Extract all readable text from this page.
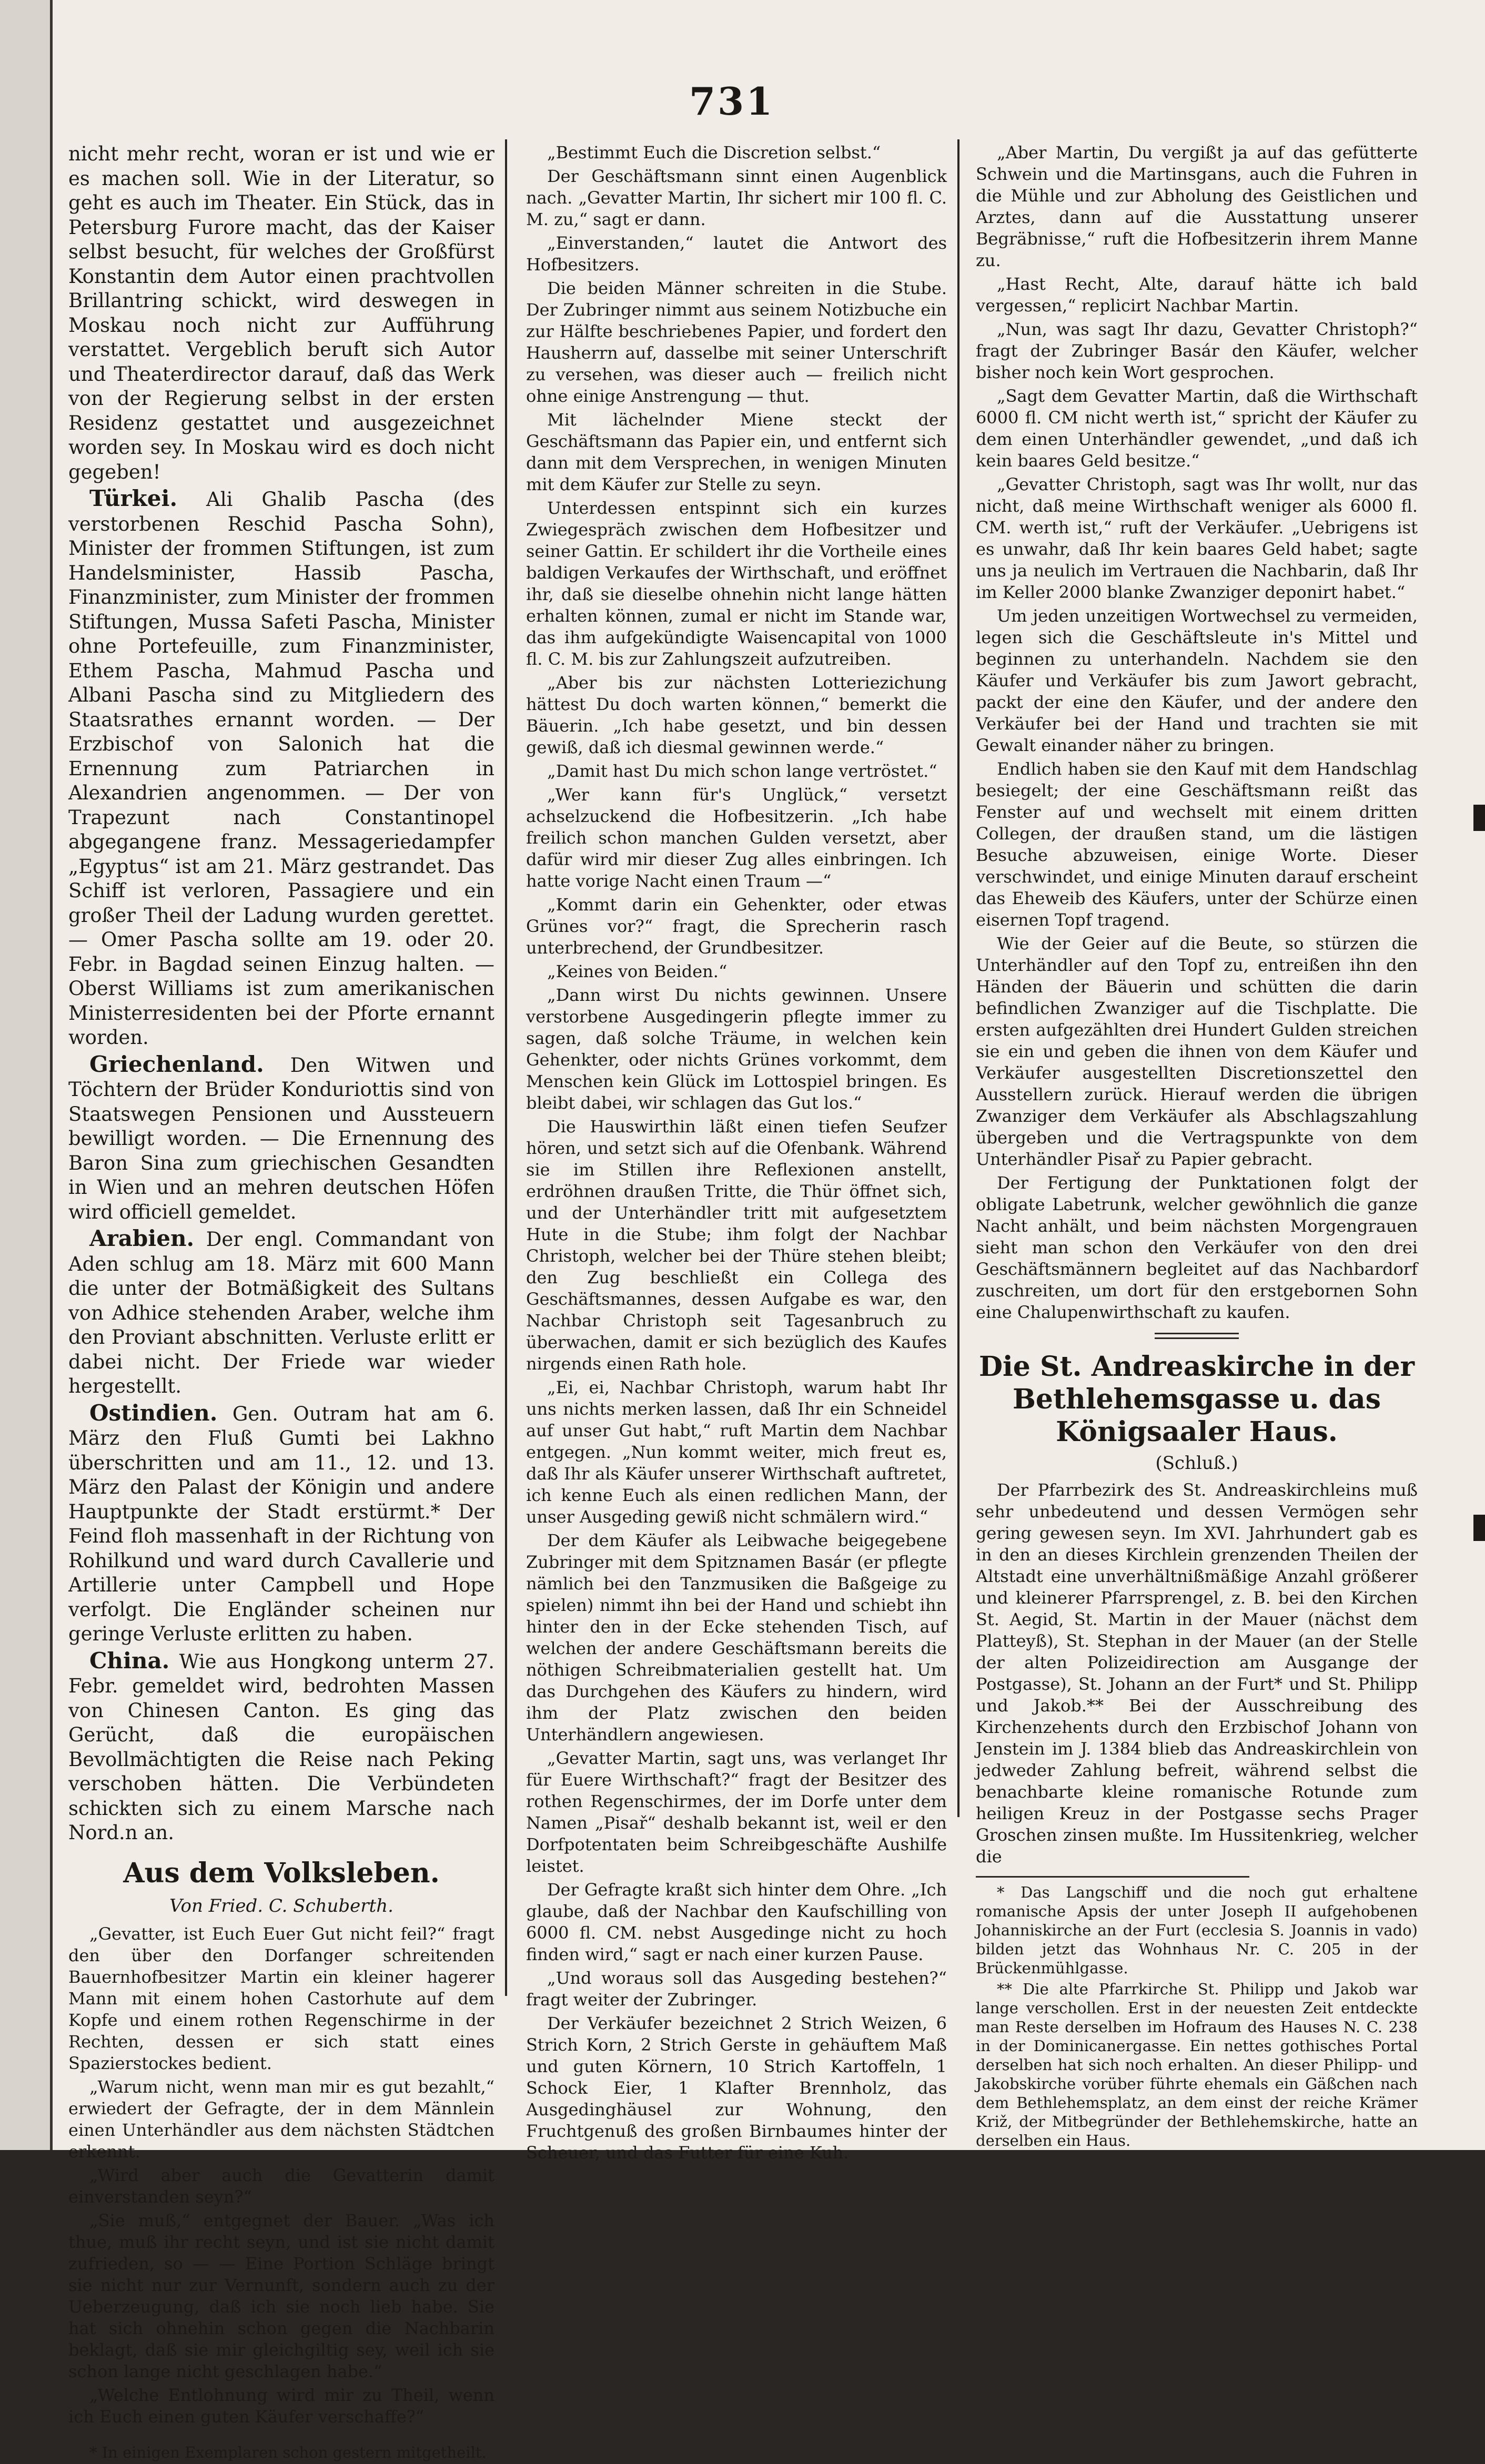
731

nicht mehr recht, woran er ist und wie er es machen soll. Wie in der Literatur, so geht es auch im Theater. Ein Stück, das in Petersburg Furore macht, das der Kaiser selbst besucht, für welches der Großfürst Konstantin dem Autor einen prachtvollen Brillantring schickt, wird deswegen in Moskau noch nicht zur Aufführung verstattet. Vergeblich beruft sich Autor und Theaterdirector darauf, daß das Werk von der Regierung selbst in der ersten Residenz gestattet und ausgezeichnet worden sey. In Moskau wird es doch nicht gegeben!

Türkei. Ali Ghalib Pascha (des verstorbenen Reschid Pascha Sohn), Minister der frommen Stiftungen, ist zum Handelsminister, Hassib Pascha, Finanzminister, zum Minister der frommen Stiftungen, Mussa Safeti Pascha, Minister ohne Portefeuille, zum Finanzminister, Ethem Pascha, Mahmud Pascha und Albani Pascha sind zu Mitgliedern des Staatsrathes ernannt worden. — Der Erzbischof von Salonich hat die Ernennung zum Patriarchen in Alexandrien angenommen. — Der von Trapezunt nach Constantinopel abgegangene franz. Messageriedampfer „Egyptus“ ist am 21. März gestrandet. Das Schiff ist verloren, Passagiere und ein großer Theil der Ladung wurden gerettet. — Omer Pascha sollte am 19. oder 20. Febr. in Bagdad seinen Einzug halten. — Oberst Williams ist zum amerikanischen Ministerresidenten bei der Pforte ernannt worden.

Griechenland. Den Witwen und Töchtern der Brüder Konduriottis sind von Staatswegen Pensionen und Aussteuern bewilligt worden. — Die Ernennung des Baron Sina zum griechischen Gesandten in Wien und an mehren deutschen Höfen wird officiell gemeldet.

Arabien. Der engl. Commandant von Aden schlug am 18. März mit 600 Mann die unter der Botmäßigkeit des Sultans von Adhice stehenden Araber, welche ihm den Proviant abschnitten. Verluste erlitt er dabei nicht. Der Friede war wieder hergestellt.

Ostindien. Gen. Outram hat am 6. März den Fluß Gumti bei Lakhno überschritten und am 11., 12. und 13. März den Palast der Königin und andere Hauptpunkte der Stadt erstürmt.* Der Feind floh massenhaft in der Richtung von Rohilkund und ward durch Cavallerie und Artillerie unter Campbell und Hope verfolgt. Die Engländer scheinen nur geringe Verluste erlitten zu haben.

China. Wie aus Hongkong unterm 27. Febr. gemeldet wird, bedrohten Massen von Chinesen Canton. Es ging das Gerücht, daß die europäischen Bevollmächtigten die Reise nach Peking verschoben hätten. Die Verbündeten schickten sich zu einem Marsche nach Nord.n an.

Aus dem Volksleben.
Von Fried. C. Schuberth.

„Gevatter, ist Euch Euer Gut nicht feil?“ fragt den über den Dorfanger schreitenden Bauernhofbesitzer Martin ein kleiner hagerer Mann mit einem hohen Castorhute auf dem Kopfe und einem rothen Regenschirme in der Rechten, dessen er sich statt eines Spazierstockes bedient.

„Warum nicht, wenn man mir es gut bezahlt,“ erwiedert der Gefragte, der in dem Männlein einen Unterhändler aus dem nächsten Städtchen erkennt.

„Wird aber auch die Gevatterin damit einverstanden seyn?“

„Sie muß,“ entgegnet der Bauer. „Was ich thue, muß ihr recht seyn, und ist sie nicht damit zufrieden, so — — Eine Portion Schläge bringt sie nicht nur zur Vernunft, sondern auch zu der Ueberzeugung, daß ich sie noch lieb habe. Sie hat sich ohnehin schon gegen die Nachbarin beklagt, daß sie mir gleichgiltig sey, weil ich sie schon lange nicht geschlagen habe.“

„Welche Entlohnung wird mir zu Theil, wenn ich Euch einen guten Käufer verschaffe?“

* In einigen Exemplaren schon gestern mitgetheilt.

„Bestimmt Euch die Discretion selbst.“

Der Geschäftsmann sinnt einen Augenblick nach. „Gevatter Martin, Ihr sichert mir 100 fl. C. M. zu,“ sagt er dann.

„Einverstanden,“ lautet die Antwort des Hofbesitzers.

Die beiden Männer schreiten in die Stube. Der Zubringer nimmt aus seinem Notizbuche ein zur Hälfte beschriebenes Papier, und fordert den Hausherrn auf, dasselbe mit seiner Unterschrift zu versehen, was dieser auch — freilich nicht ohne einige Anstrengung — thut.

Mit lächelnder Miene steckt der Geschäftsmann das Papier ein, und entfernt sich dann mit dem Versprechen, in wenigen Minuten mit dem Käufer zur Stelle zu seyn.

Unterdessen entspinnt sich ein kurzes Zwiegespräch zwischen dem Hofbesitzer und seiner Gattin. Er schildert ihr die Vortheile eines baldigen Verkaufes der Wirthschaft, und eröffnet ihr, daß sie dieselbe ohnehin nicht lange hätten erhalten können, zumal er nicht im Stande war, das ihm aufgekündigte Waisencapital von 1000 fl. C. M. bis zur Zahlungszeit aufzutreiben.

„Aber bis zur nächsten Lotteriezichung hättest Du doch warten können,“ bemerkt die Bäuerin. „Ich habe gesetzt, und bin dessen gewiß, daß ich diesmal gewinnen werde.“

„Damit hast Du mich schon lange vertröstet.“

„Wer kann für's Unglück,“ versetzt achselzuckend die Hofbesitzerin. „Ich habe freilich schon manchen Gulden versetzt, aber dafür wird mir dieser Zug alles einbringen. Ich hatte vorige Nacht einen Traum —“

„Kommt darin ein Gehenkter, oder etwas Grünes vor?“ fragt, die Sprecherin rasch unterbrechend, der Grundbesitzer.

„Keines von Beiden.“

„Dann wirst Du nichts gewinnen. Unsere verstorbene Ausgedingerin pflegte immer zu sagen, daß solche Träume, in welchen kein Gehenkter, oder nichts Grünes vorkommt, dem Menschen kein Glück im Lottospiel bringen. Es bleibt dabei, wir schlagen das Gut los.“

Die Hauswirthin läßt einen tiefen Seufzer hören, und setzt sich auf die Ofenbank. Während sie im Stillen ihre Reflexionen anstellt, erdröhnen draußen Tritte, die Thür öffnet sich, und der Unterhändler tritt mit aufgesetztem Hute in die Stube; ihm folgt der Nachbar Christoph, welcher bei der Thüre stehen bleibt; den Zug beschließt ein Collega des Geschäftsmannes, dessen Aufgabe es war, den Nachbar Christoph seit Tagesanbruch zu überwachen, damit er sich bezüglich des Kaufes nirgends einen Rath hole.

„Ei, ei, Nachbar Christoph, warum habt Ihr uns nichts merken lassen, daß Ihr ein Schneidel auf unser Gut habt,“ ruft Martin dem Nachbar entgegen. „Nun kommt weiter, mich freut es, daß Ihr als Käufer unserer Wirthschaft auftretet, ich kenne Euch als einen redlichen Mann, der unser Ausgeding gewiß nicht schmälern wird.“

Der dem Käufer als Leibwache beigegebene Zubringer mit dem Spitznamen Basár (er pflegte nämlich bei den Tanzmusiken die Baßgeige zu spielen) nimmt ihn bei der Hand und schiebt ihn hinter den in der Ecke stehenden Tisch, auf welchen der andere Geschäftsmann bereits die nöthigen Schreibmaterialien gestellt hat. Um das Durchgehen des Käufers zu hindern, wird ihm der Platz zwischen den beiden Unterhändlern angewiesen.

„Gevatter Martin, sagt uns, was verlanget Ihr für Euere Wirthschaft?“ fragt der Besitzer des rothen Regenschirmes, der im Dorfe unter dem Namen „Pisař“ deshalb bekannt ist, weil er den Dorfpotentaten beim Schreibgeschäfte Aushilfe leistet.

Der Gefragte kraßt sich hinter dem Ohre. „Ich glaube, daß der Nachbar den Kaufschilling von 6000 fl. CM. nebst Ausgedinge nicht zu hoch finden wird,“ sagt er nach einer kurzen Pause.

„Und woraus soll das Ausgeding bestehen?“ fragt weiter der Zubringer.

Der Verkäufer bezeichnet 2 Strich Weizen, 6 Strich Korn, 2 Strich Gerste in gehäuftem Maß und guten Körnern, 10 Strich Kartoffeln, 1 Schock Eier, 1 Klafter Brennholz, das Ausgedinghäusel zur Wohnung, den Fruchtgenuß des großen Birnbaumes hinter der Scheuer, und das Futter für eine Kuh.

„Aber Martin, Du vergißt ja auf das gefütterte Schwein und die Martinsgans, auch die Fuhren in die Mühle und zur Abholung des Geistlichen und Arztes, dann auf die Ausstattung unserer Begräbnisse,“ ruft die Hofbesitzerin ihrem Manne zu.

„Hast Recht, Alte, darauf hätte ich bald vergessen,“ replicirt Nachbar Martin.

„Nun, was sagt Ihr dazu, Gevatter Christoph?“ fragt der Zubringer Basár den Käufer, welcher bisher noch kein Wort gesprochen.

„Sagt dem Gevatter Martin, daß die Wirthschaft 6000 fl. CM nicht werth ist,“ spricht der Käufer zu dem einen Unterhändler gewendet, „und daß ich kein baares Geld besitze.“

„Gevatter Christoph, sagt was Ihr wollt, nur das nicht, daß meine Wirthschaft weniger als 6000 fl. CM. werth ist,“ ruft der Verkäufer. „Uebrigens ist es unwahr, daß Ihr kein baares Geld habet; sagte uns ja neulich im Vertrauen die Nachbarin, daß Ihr im Keller 2000 blanke Zwanziger deponirt habet.“

Um jeden unzeitigen Wortwechsel zu vermeiden, legen sich die Geschäftsleute in's Mittel und beginnen zu unterhandeln. Nachdem sie den Käufer und Verkäufer bis zum Jawort gebracht, packt der eine den Käufer, und der andere den Verkäufer bei der Hand und trachten sie mit Gewalt einander näher zu bringen.

Endlich haben sie den Kauf mit dem Handschlag besiegelt; der eine Geschäftsmann reißt das Fenster auf und wechselt mit einem dritten Collegen, der draußen stand, um die lästigen Besuche abzuweisen, einige Worte. Dieser verschwindet, und einige Minuten darauf erscheint das Eheweib des Käufers, unter der Schürze einen eisernen Topf tragend.

Wie der Geier auf die Beute, so stürzen die Unterhändler auf den Topf zu, entreißen ihn den Händen der Bäuerin und schütten die darin befindlichen Zwanziger auf die Tischplatte. Die ersten aufgezählten drei Hundert Gulden streichen sie ein und geben die ihnen von dem Käufer und Verkäufer ausgestellten Discretionszettel den Ausstellern zurück. Hierauf werden die übrigen Zwanziger dem Verkäufer als Abschlagszahlung übergeben und die Vertragspunkte von dem Unterhändler Pisař zu Papier gebracht.

Der Fertigung der Punktationen folgt der obligate Labetrunk, welcher gewöhnlich die ganze Nacht anhält, und beim nächsten Morgengrauen sieht man schon den Verkäufer von den drei Geschäftsmännern begleitet auf das Nachbardorf zuschreiten, um dort für den erstgebornen Sohn eine Chalupenwirthschaft zu kaufen.

Die St. Andreaskirche in der Bethlehemsgasse u. das Königsaaler Haus.
(Schluß.)

Der Pfarrbezirk des St. Andreaskirchleins muß sehr unbedeutend und dessen Vermögen sehr gering gewesen seyn. Im XVI. Jahrhundert gab es in den an dieses Kirchlein grenzenden Theilen der Altstadt eine unverhältnißmäßige Anzahl größerer und kleinerer Pfarrsprengel, z. B. bei den Kirchen St. Aegid, St. Martin in der Mauer (nächst dem Platteyß), St. Stephan in der Mauer (an der Stelle der alten Polizeidirection am Ausgange der Postgasse), St. Johann an der Furt* und St. Philipp und Jakob.** Bei der Ausschreibung des Kirchenzehents durch den Erzbischof Johann von Jenstein im J. 1384 blieb das Andreaskirchlein von jedweder Zahlung befreit, während selbst die benachbarte kleine romanische Rotunde zum heiligen Kreuz in der Postgasse sechs Prager Groschen zinsen mußte. Im Hussitenkrieg, welcher die

* Das Langschiff und die noch gut erhaltene romanische Apsis der unter Joseph II aufgehobenen Johanniskirche an der Furt (ecclesia S. Joannis in vado) bilden jetzt das Wohnhaus Nr. C. 205 in der Brückenmühlgasse.

** Die alte Pfarrkirche St. Philipp und Jakob war lange verschollen. Erst in der neuesten Zeit entdeckte man Reste derselben im Hofraum des Hauses N. C. 238 in der Dominicanergasse. Ein nettes gothisches Portal derselben hat sich noch erhalten. An dieser Philipp- und Jakobskirche vorüber führte ehemals ein Gäßchen nach dem Bethlehemsplatz, an dem einst der reiche Krämer Križ, der Mitbegründer der Bethlehemskirche, hatte an derselben ein Haus.
